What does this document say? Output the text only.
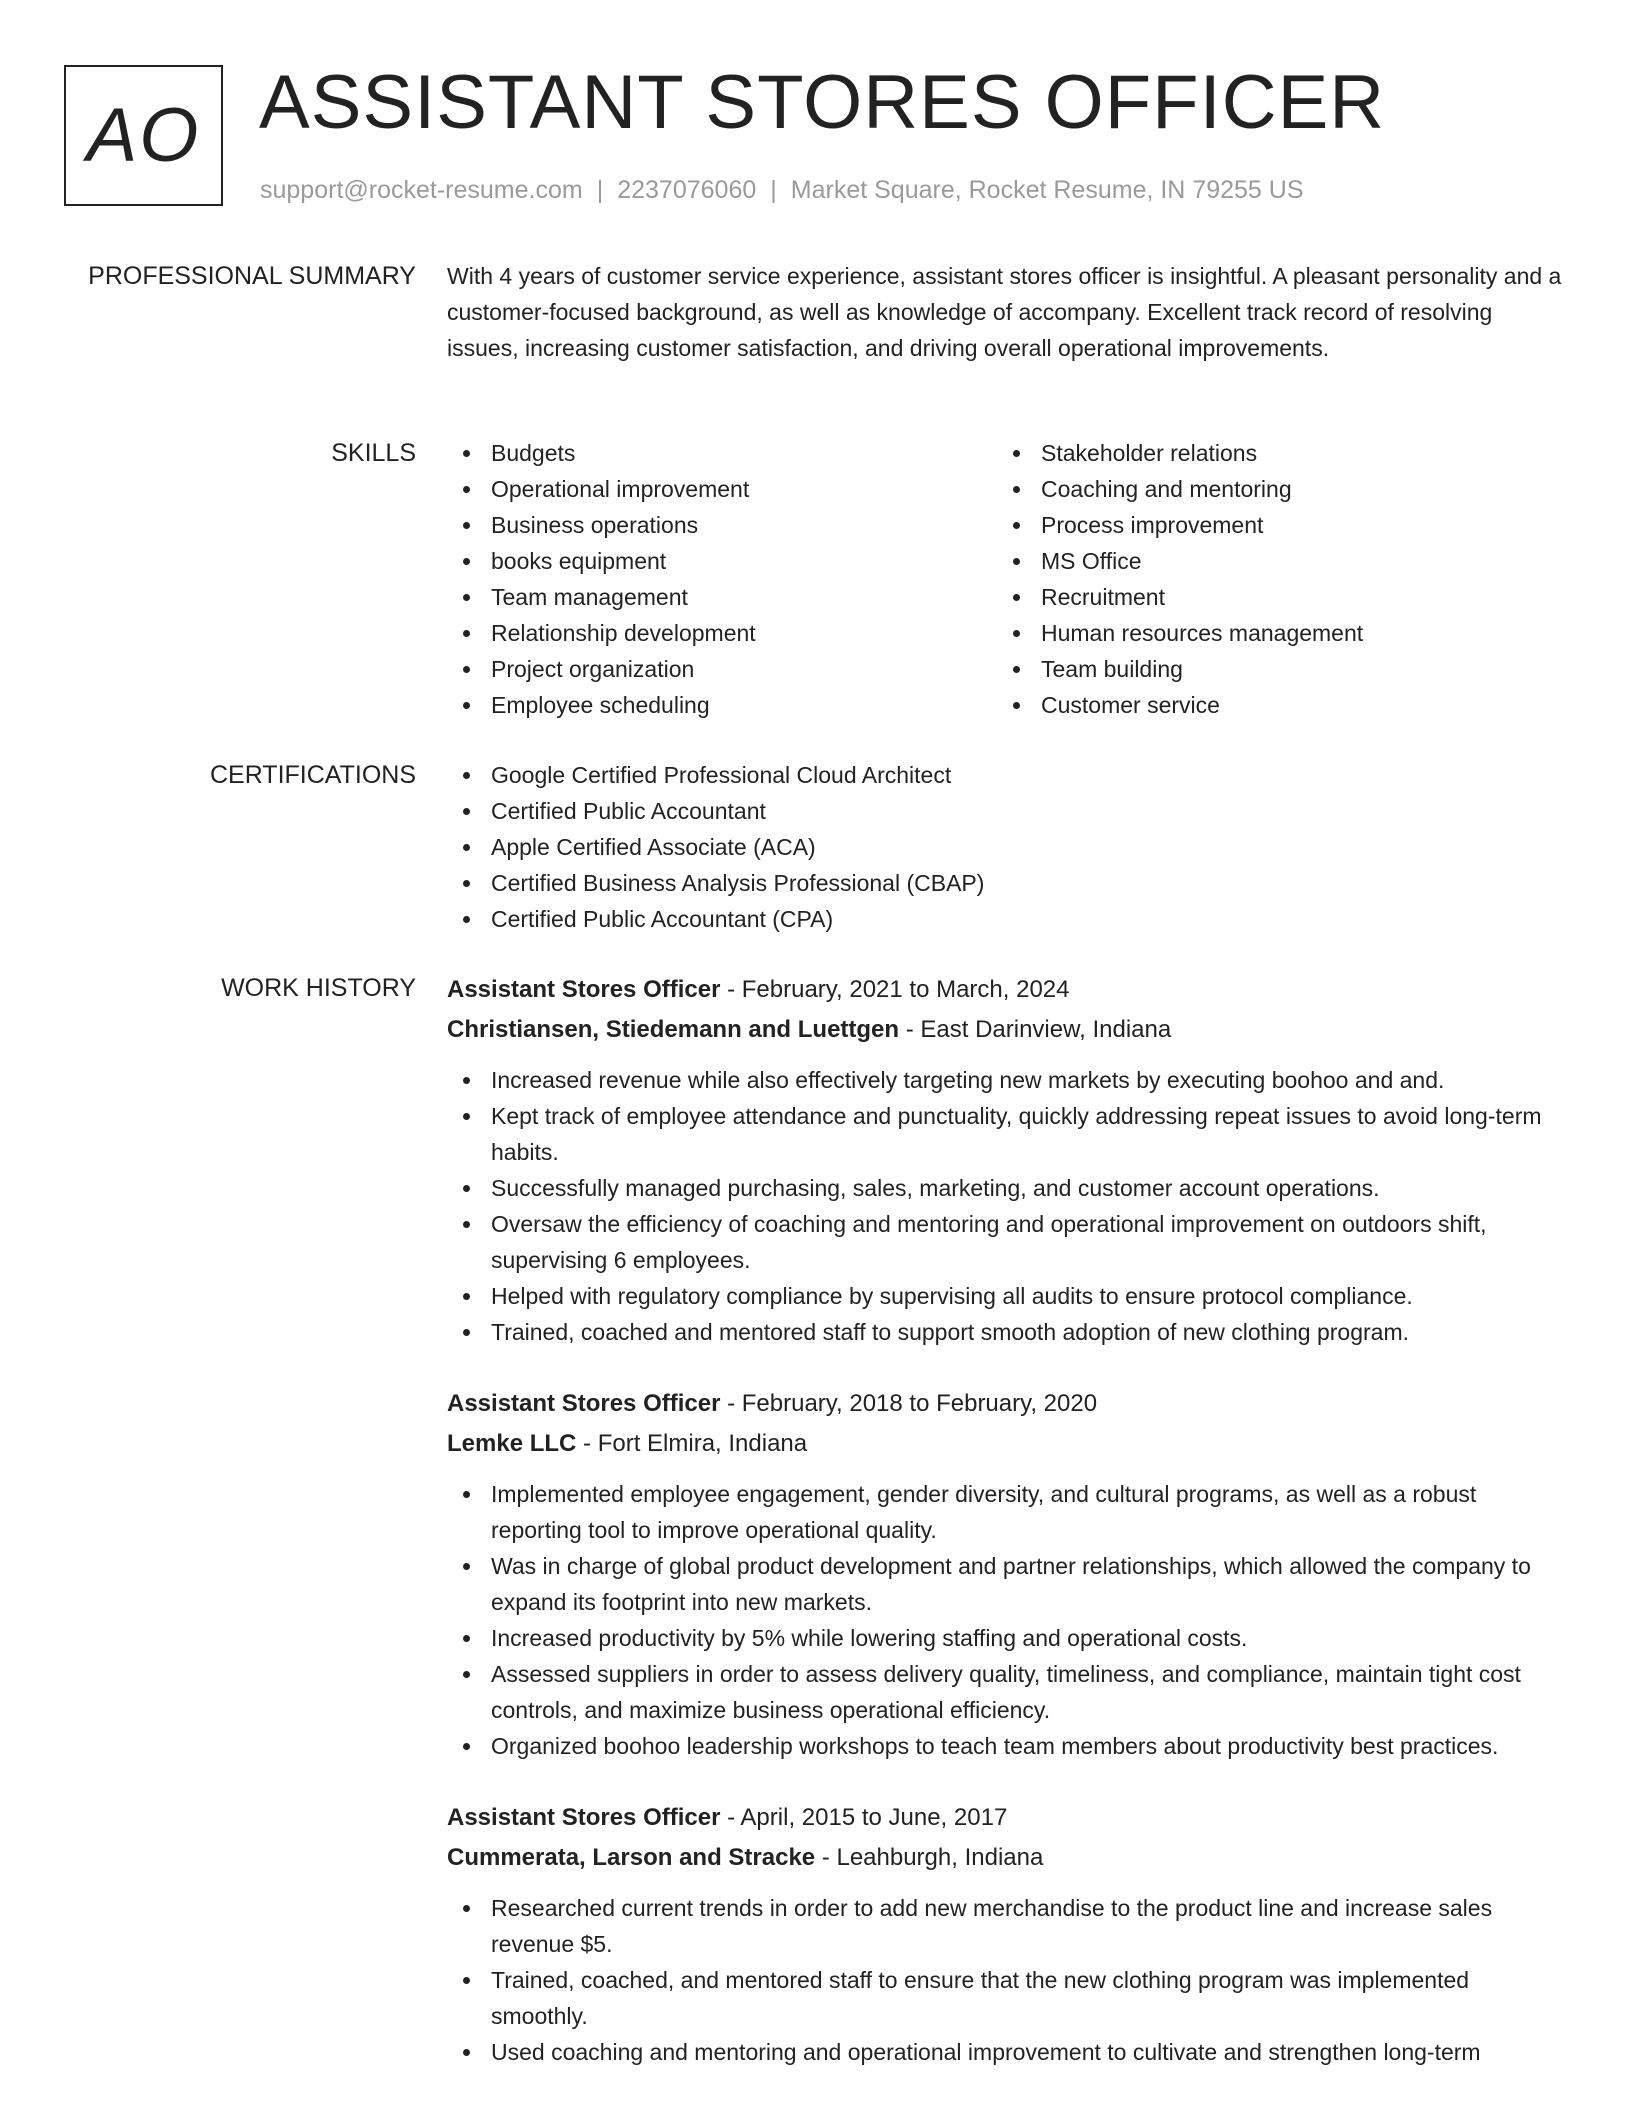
AO ASSISTANT STORES OFFICER
support@rocket-resume.com | 2237076060 | Market Square, Rocket Resume, IN 79255 US
PROFESSIONAL SUMMARY With 4 years of customer service experience, assistant stores officer is insightful. A pleasant personality and a customer-focused background, as well as knowledge of accompany. Excellent track record of resolving issues, increasing customer satisfaction, and driving overall operational improvements.

SKILLS	Budgets
Operational improvement
Business operations
books equipment
Team management
Relationship development
Project organization
Employee scheduling
Stakeholder relations
Coaching and mentoring
Process improvement
MS Office
Recruitment
Human resources management
Team building
Customer service
CERTIFICATIONS	Google Certified Professional Cloud Architect
Certified Public Accountant
Apple Certified Associate (ACA)
Certified Business Analysis Professional (CBAP)
Certified Public Accountant (CPA)
WORK HISTORY Assistant Stores Officer - February, 2021 to March, 2024
Christiansen, Stiedemann and Luettgen - East Darinview, Indiana
Increased revenue while also effectively targeting new markets by executing boohoo and and.
Kept track of employee attendance and punctuality, quickly addressing repeat issues to avoid long-term habits.
Successfully managed purchasing, sales, marketing, and customer account operations.
Oversaw the efficiency of coaching and mentoring and operational improvement on outdoors shift, supervising 6 employees.
Helped with regulatory compliance by supervising all audits to ensure protocol compliance.
Trained, coached and mentored staff to support smooth adoption of new clothing program.
Assistant Stores Officer - February, 2018 to February, 2020
Lemke LLC - Fort Elmira, Indiana
Implemented employee engagement, gender diversity, and cultural programs, as well as a robust reporting tool to improve operational quality.
Was in charge of global product development and partner relationships, which allowed the company to expand its footprint into new markets.
Increased productivity by 5% while lowering staffing and operational costs.
Assessed suppliers in order to assess delivery quality, timeliness, and compliance, maintain tight cost controls, and maximize business operational efficiency.
Organized boohoo leadership workshops to teach team members about productivity best practices.
Assistant Stores Officer - April, 2015 to June, 2017
Cummerata, Larson and Stracke - Leahburgh, Indiana
Researched current trends in order to add new merchandise to the product line and increase sales revenue $5.
Trained, coached, and mentored staff to ensure that the new clothing program was implemented smoothly.
Used coaching and mentoring and operational improvement to cultivate and strengthen long-term
